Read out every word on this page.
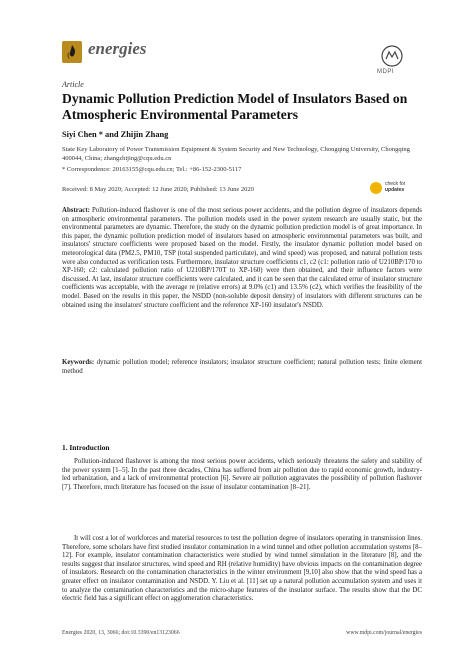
energies
MDPI
Article
Dynamic Pollution Prediction Model of Insulators Based on Atmospheric Environmental Parameters
Siyi Chen * and Zhijin Zhang
State Key Laboratory of Power Transmission Equipment & System Security and New Technology, Chongqing University, Chongqing 400044, China; zhangzhijing@cqu.edu.cn
* Correspondence: 20163155@cqu.edu.cn; Tel.: +86-152-2300-5117
Received: 8 May 2020; Accepted: 12 June 2020; Published: 13 June 2020
check for
updates
Abstract: Pollution-induced flashover is one of the most serious power accidents, and the pollution degree of insulators depends on atmospheric environmental parameters. The pollution models used in the power system research are usually static, but the environmental parameters are dynamic. Therefore, the study on the dynamic pollution prediction model is of great importance. In this paper, the dynamic pollution prediction model of insulators based on atmospheric environmental parameters was built, and insulators' structure coefficients were proposed based on the model. Firstly, the insulator dynamic pollution model based on meteorological data (PM2.5, PM10, TSP (total suspended particulate), and wind speed) was proposed, and natural pollution tests were also conducted as verification tests. Furthermore, insulator structure coefficients c1, c2 (c1: pollution ratio of U210BP/170 to XP-160; c2: calculated pollution ratio of U210BP/170T to XP-160) were then obtained, and their influence factors were discussed. At last, insulator structure coefficients were calculated, and it can be seen that the calculated error of insulator structure coefficients was acceptable, with the average re (relative errors) at 9.0% (c1) and 13.5% (c2), which verifies the feasibility of the model. Based on the results in this paper, the NSDD (non-soluble deposit density) of insulators with different structures can be obtained using the insulators' structure coefficient and the reference XP-160 insulator's NSDD.
Keywords: dynamic pollution model; reference insulators; insulator structure coefficient; natural pollution tests; finite element method
1. Introduction
Pollution-induced flashover is among the most serious power accidents, which seriously threatens the safety and stability of the power system [1–5]. In the past three decades, China has suffered from air pollution due to rapid economic growth, industry-led urbanization, and a lack of environmental protection [6]. Severe air pollution aggravates the possibility of pollution flashover [7]. Therefore, much literature has focused on the issue of insulator contamination [8–21].
It will cost a lot of workforces and material resources to test the pollution degree of insulators operating in transmission lines. Therefore, some scholars have first studied insulator contamination in a wind tunnel and other pollution accumulation systems [8–12]. For example, insulator contamination characteristics were studied by wind tunnel simulation in the literature [8], and the results suggest that insulator structures, wind speed and RH (relative humidity) have obvious impacts on the contamination degree of insulators. Research on the contamination characteristics in the winter environment [9,10] also show that the wind speed has a greater effect on insulator contamination and NSDD. Y. Liu et al. [11] set up a natural pollution accumulation system and uses it to analyze the contamination characteristics and the micro-shape features of the insulator surface. The results show that the DC electric field has a significant effect on agglomeration characteristics.
Energies 2020, 13, 3066; doi:10.3390/en13123066	www.mdpi.com/journal/energies
